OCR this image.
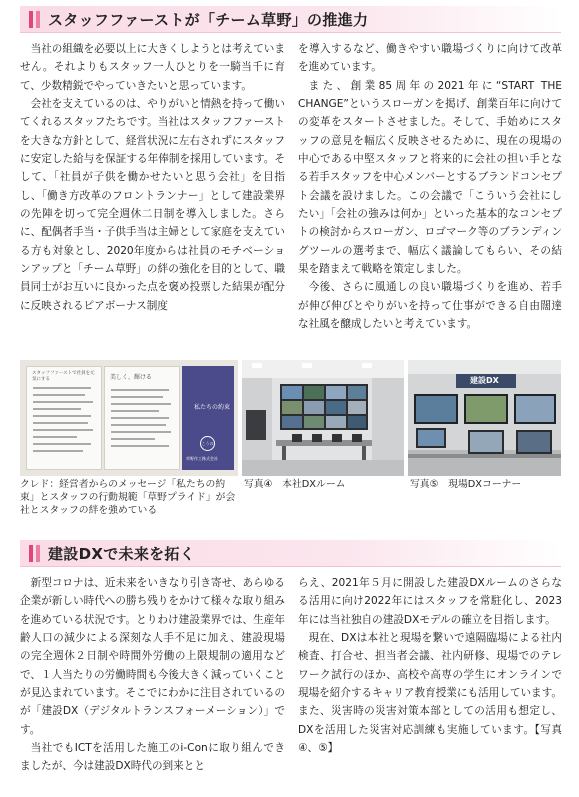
スタッフファーストが「チーム草野」の推進力

当社の組織を必要以上に大きくしようとは考えていません。それよりもスタッフ一人ひとりを一騎当千に育て、少数精鋭でやっていきたいと思っています。

会社を支えているのは、やりがいと情熱を持って働いてくれるスタッフたちです。当社はスタッフファーストを大きな方針として、経営状況に左右されずにスタッフに安定した給与を保証する年俸制を採用しています。そして、「社員が子供を働かせたいと思う会社」を目指し、「働き方改革のフロントランナー」として建設業界の先陣を切って完全週休二日制を導入しました。さらに、配偶者手当・子供手当は主婦として家庭を支えている方も対象とし、2020年度からは社員のモチベーションアップと「チーム草野」の絆の強化を目的として、職員同士がお互いに良かった点を褒め投票した結果が配分に反映されるピアボーナス制度

を導入するなど、働きやすい職場づくりに向けて改革を進めています。

また、創業85周年の2021年に“START THE CHANGE”というスローガンを掲げ、創業百年に向けての変革をスタートさせました。そして、手始めにスタッフの意見を幅広く反映させるために、現在の現場の中心である中堅スタッフと将来的に会社の担い手となる若手スタッフを中心メンバーとするブランドコンセプト会議を設けました。この会議で「こういう会社にしたい」「会社の強みは何か」といった基本的なコンセプトの検討からスローガン、ロゴマーク等のブランディングツールの選考まで、幅広く議論してもらい、その結果を踏まえて戦略を策定しました。

今後、さらに風通しの良い職場づくりを進め、若手が伸び伸びとやりがいを持って仕事ができる自由闊達な社風を醸成したいと考えています。

スタッフファーストで社員を元気にする	美しく、輝ける
私たちの約束
こうの
草野作工株式会社
建設DX
クレド：経営者からのメッセージ「私たちの約束」とスタッフの行動規範「草野プライド」が会社とスタッフの絆を強めている
写真④　本社DXルーム	写真⑤　現場DXコーナー
建設DXで未来を拓く

新型コロナは、近未来をいきなり引き寄せ、あらゆる企業が新しい時代への勝ち残りをかけて様々な取り組みを進めている状況です。とりわけ建設業界では、生産年齢人口の減少による深刻な人手不足に加え、建設現場の完全週休２日制や時間外労働の上限規制の適用などで、１人当たりの労働時間も今後大きく減っていくことが見込まれています。そこでにわかに注目されているのが「建設DX（デジタルトランスフォーメーション）」です。

当社でもICTを活用した施工のi-Conに取り組んできましたが、今は建設DX時代の到来とと

らえ、2021年５月に開設した建設DXルームのさらなる活用に向け2022年にはスタッフを常駐化し、2023年には当社独自の建設DXモデルの確立を目指します。

現在、DXは本社と現場を繋いで遠隔臨場による社内検査、打合せ、担当者会議、社内研修、現場でのテレワーク試行のほか、高校や高専の学生にオンラインで現場を紹介するキャリア教育授業にも活用しています。また、災害時の災害対策本部としての活用も想定し、DXを活用した災害対応訓練も実施しています。【写真④、⑤】
